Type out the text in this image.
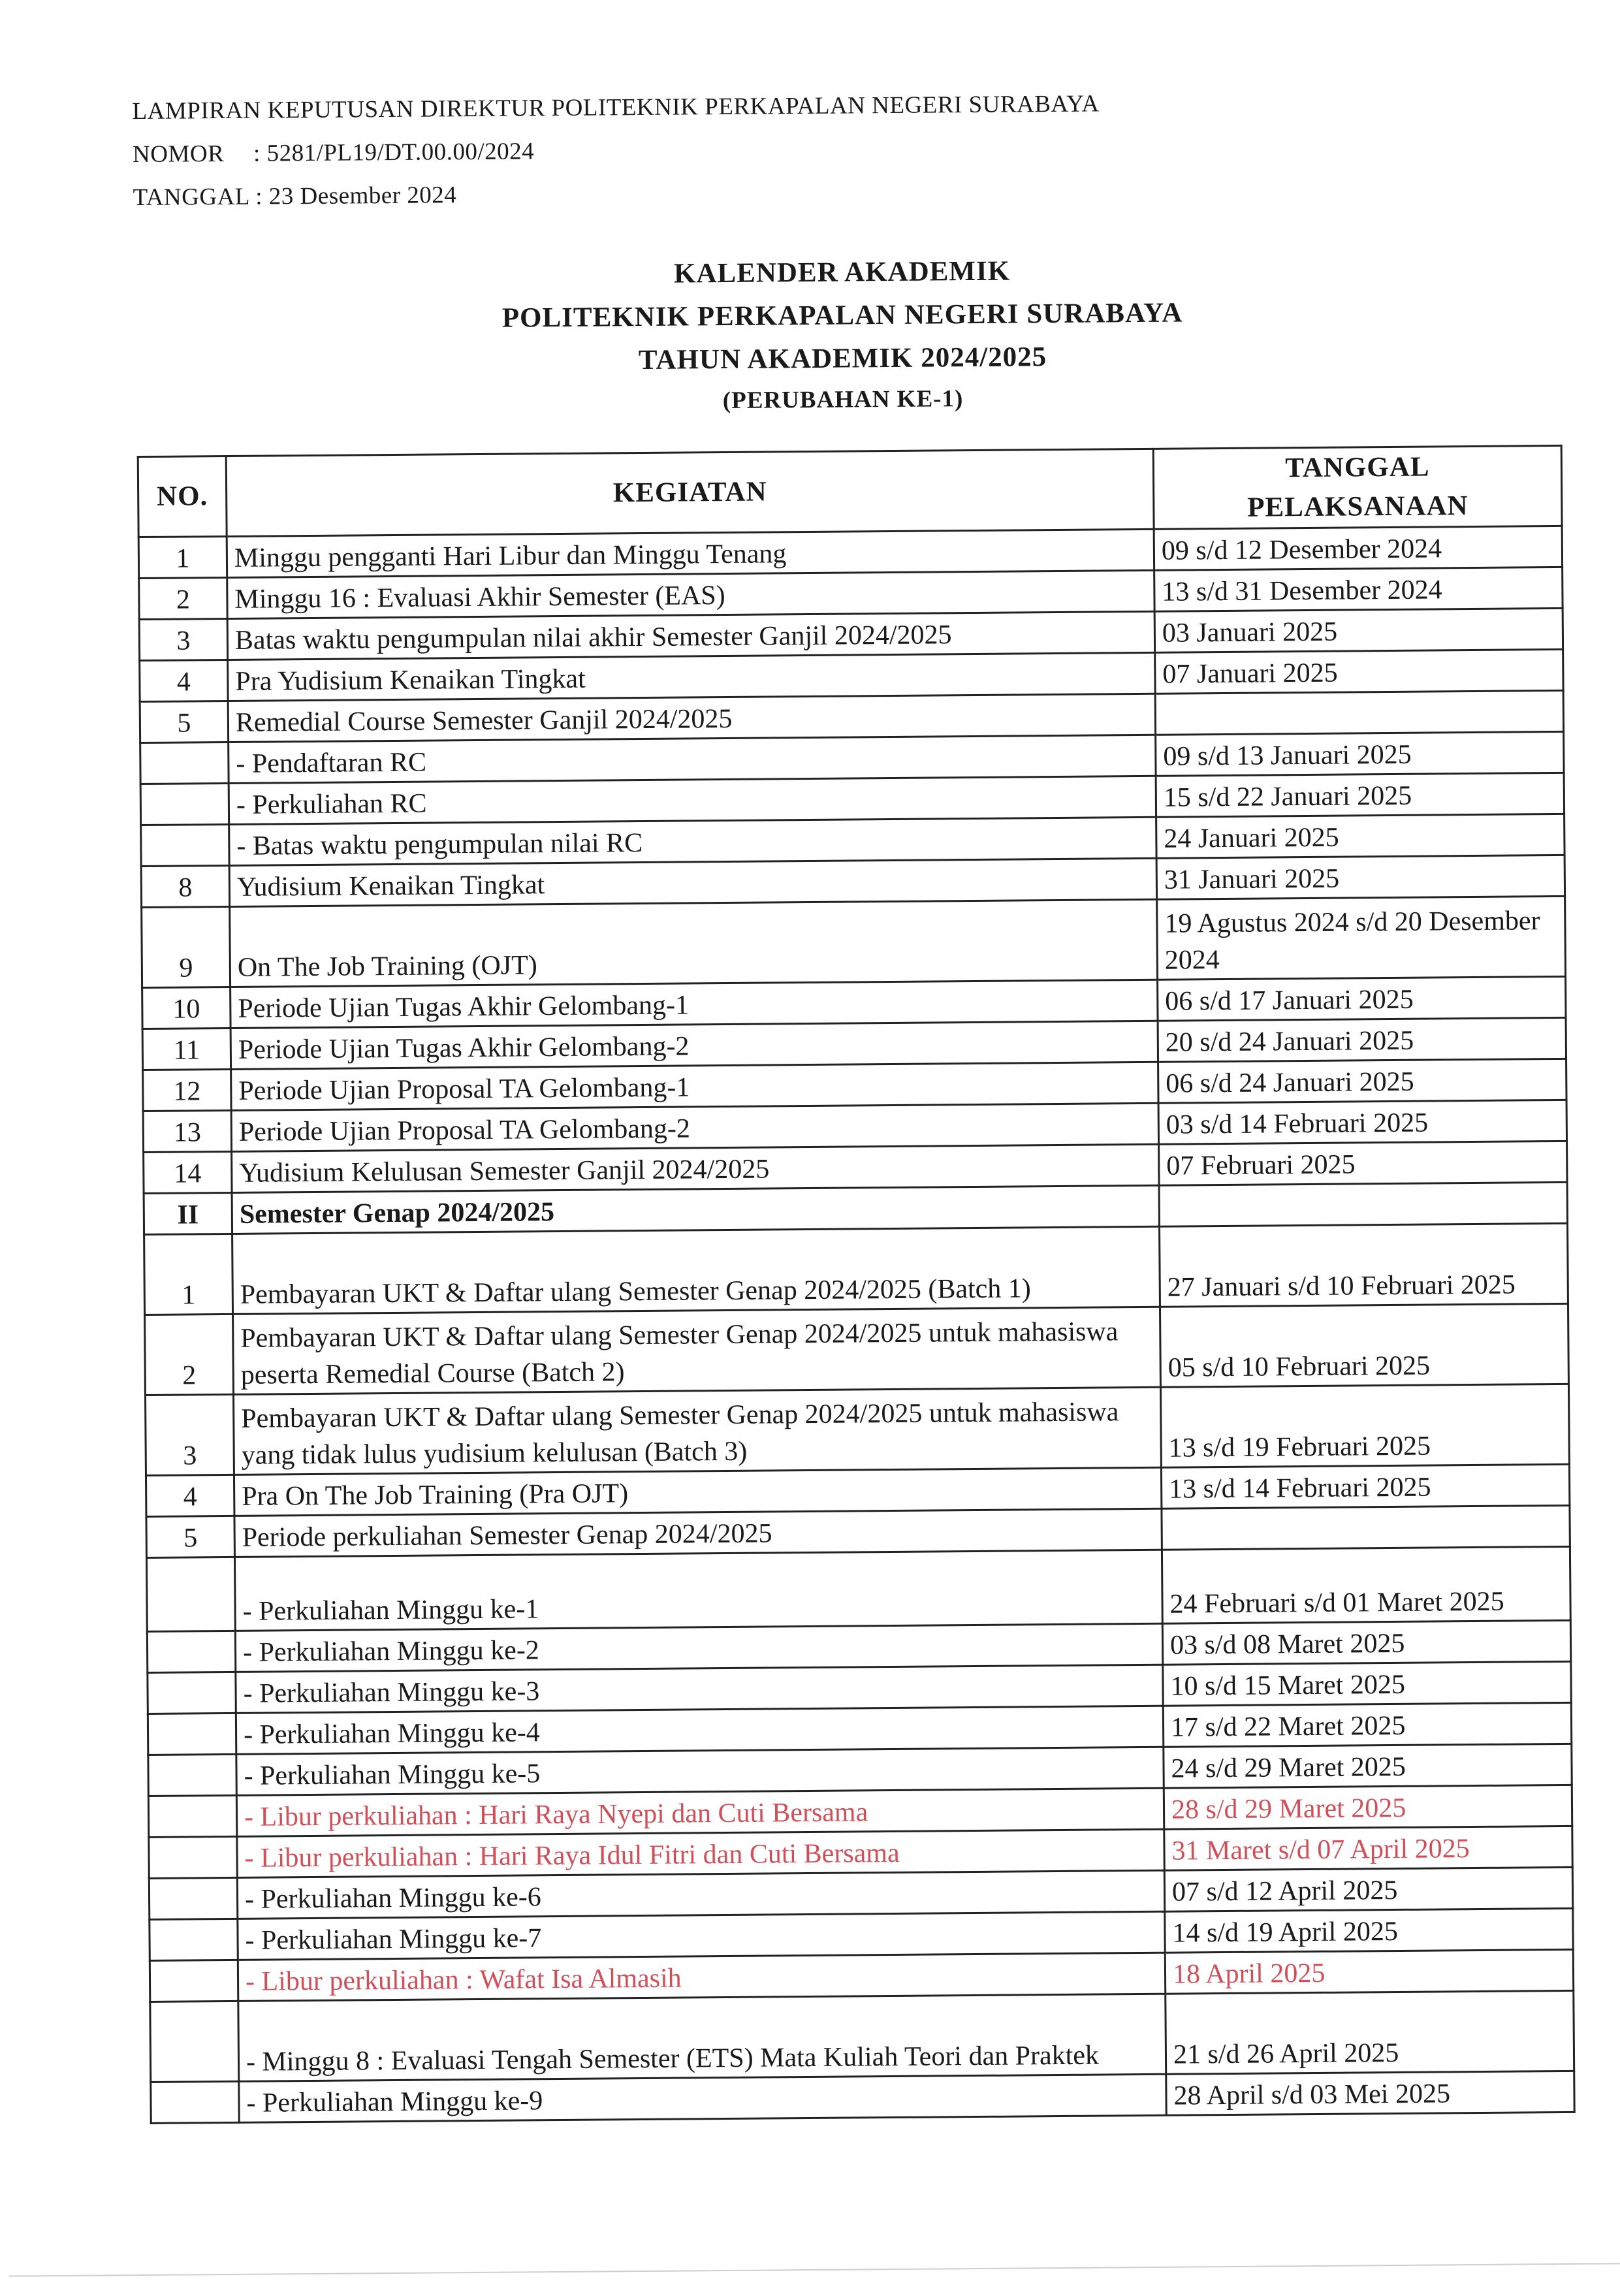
LAMPIRAN KEPUTUSAN DIREKTUR POLITEKNIK PERKAPALAN NEGERI SURABAYA
NOMOR : 5281/PL19/DT.00.00/2024
TANGGAL : 23 Desember 2024
KALENDER AKADEMIK
POLITEKNIK PERKAPALAN NEGERI SURABAYA
TAHUN AKADEMIK 2024/2025
(PERUBAHAN KE-1)
NO.	KEGIATAN	TANGGAL
PELAKSANAAN

1	Minggu pengganti Hari Libur dan Minggu Tenang	09 s/d 12 Desember 2024
2	Minggu 16 : Evaluasi Akhir Semester (EAS)	13 s/d 31 Desember 2024
3	Batas waktu pengumpulan nilai akhir Semester Ganjil 2024/2025	03 Januari 2025
4	Pra Yudisium Kenaikan Tingkat	07 Januari 2025
5	Remedial Course Semester Ganjil 2024/2025	
	- Pendaftaran RC	09 s/d 13 Januari 2025
	- Perkuliahan RC	15 s/d 22 Januari 2025
	- Batas waktu pengumpulan nilai RC	24 Januari 2025
8	Yudisium Kenaikan Tingkat	31 Januari 2025
9	On The Job Training (OJT)	19 Agustus 2024 s/d 20 Desember 2024
10	Periode Ujian Tugas Akhir Gelombang-1	06 s/d 17 Januari 2025
11	Periode Ujian Tugas Akhir Gelombang-2	20 s/d 24 Januari 2025
12	Periode Ujian Proposal TA Gelombang-1	06 s/d 24 Januari 2025
13	Periode Ujian Proposal TA Gelombang-2	03 s/d 14 Februari 2025
14	Yudisium Kelulusan Semester Ganjil 2024/2025	07 Februari 2025
II	Semester Genap 2024/2025	
1	Pembayaran UKT & Daftar ulang Semester Genap 2024/2025 (Batch 1)	27 Januari s/d 10 Februari 2025
2	Pembayaran UKT & Daftar ulang Semester Genap 2024/2025 untuk mahasiswa peserta Remedial Course (Batch 2)	05 s/d 10 Februari 2025
3	Pembayaran UKT & Daftar ulang Semester Genap 2024/2025 untuk mahasiswa yang tidak lulus yudisium kelulusan (Batch 3)	13 s/d 19 Februari 2025
4	Pra On The Job Training (Pra OJT)	13 s/d 14 Februari 2025
5	Periode perkuliahan Semester Genap 2024/2025	
	- Perkuliahan Minggu ke-1	24 Februari s/d 01 Maret 2025
	- Perkuliahan Minggu ke-2	03 s/d 08 Maret 2025
	- Perkuliahan Minggu ke-3	10 s/d 15 Maret 2025
	- Perkuliahan Minggu ke-4	17 s/d 22 Maret 2025
	- Perkuliahan Minggu ke-5	24 s/d 29 Maret 2025
	- Libur perkuliahan : Hari Raya Nyepi dan Cuti Bersama	28 s/d 29 Maret 2025
	- Libur perkuliahan : Hari Raya Idul Fitri dan Cuti Bersama	31 Maret s/d 07 April 2025
	- Perkuliahan Minggu ke-6	07 s/d 12 April 2025
	- Perkuliahan Minggu ke-7	14 s/d 19 April 2025
	- Libur perkuliahan : Wafat Isa Almasih	18 April 2025
	- Minggu 8 : Evaluasi Tengah Semester (ETS) Mata Kuliah Teori dan Praktek	21 s/d 26 April 2025
	- Perkuliahan Minggu ke-9	28 April s/d 03 Mei 2025
